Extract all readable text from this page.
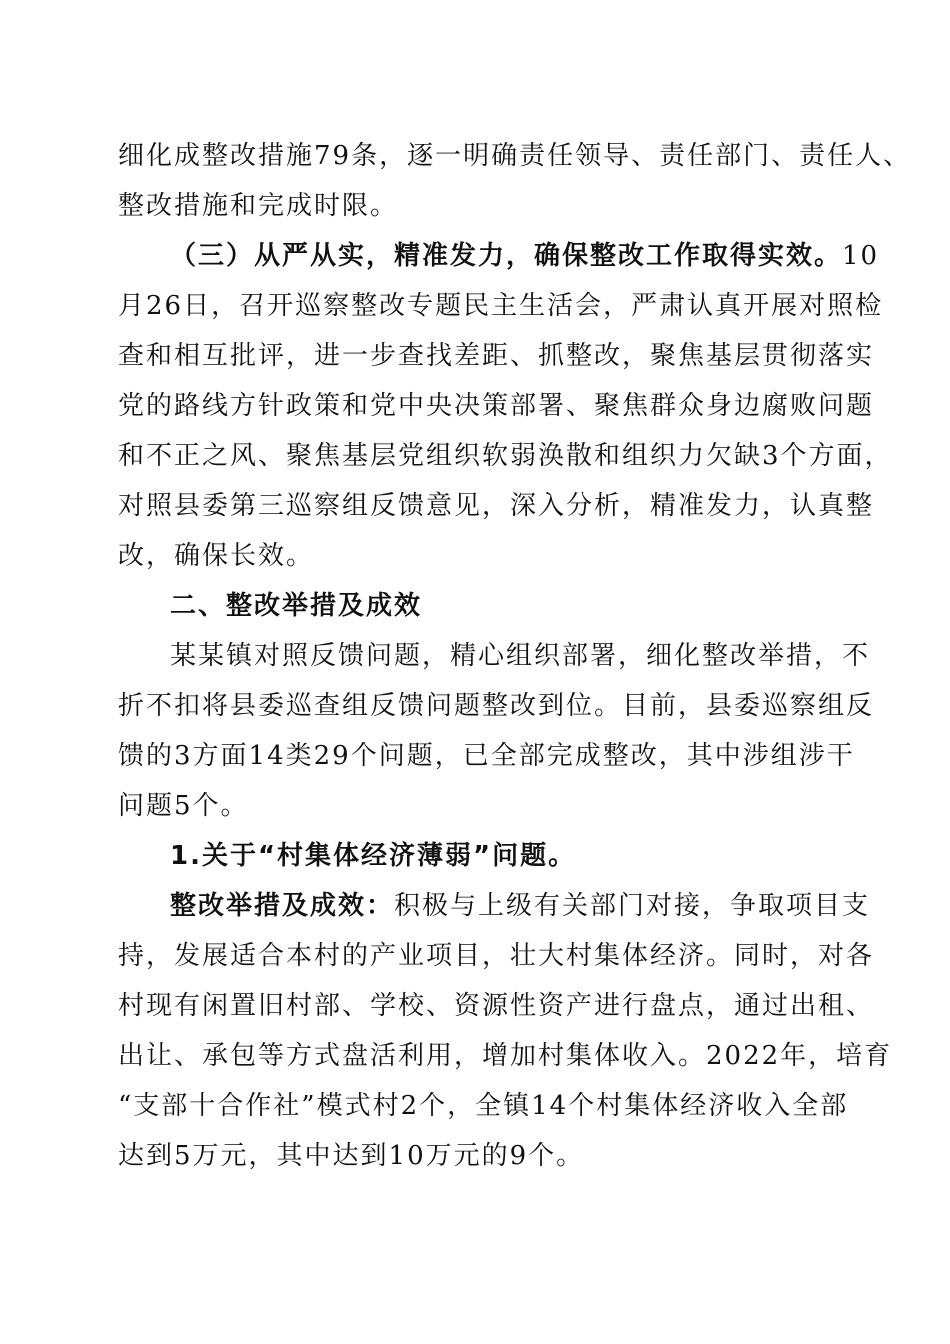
细化成整改措施79条，逐一明确责任领导、责任部门、责任人、
整改措施和完成时限。
（三）从严从实，精准发力，确保整改工作取得实效。10
月26日，召开巡察整改专题民主生活会，严肃认真开展对照检
查和相互批评，进一步查找差距、抓整改，聚焦基层贯彻落实
党的路线方针政策和党中央决策部署、聚焦群众身边腐败问题
和不正之风、聚焦基层党组织软弱涣散和组织力欠缺3个方面，
对照县委第三巡察组反馈意见，深入分析，精准发力，认真整
改，确保长效。
二、整改举措及成效
某某镇对照反馈问题，精心组织部署，细化整改举措，不
折不扣将县委巡查组反馈问题整改到位。目前，县委巡察组反
馈的3方面14类29个问题，已全部完成整改，其中涉组涉干
问题5个。
1.关于“村集体经济薄弱”问题。
整改举措及成效：积极与上级有关部门对接，争取项目支
持，发展适合本村的产业项目，壮大村集体经济。同时，对各
村现有闲置旧村部、学校、资源性资产进行盘点，通过出租、
出让、承包等方式盘活利用，增加村集体收入。2022年，培育
“支部十合作社”模式村2个，全镇14个村集体经济收入全部
达到5万元，其中达到10万元的9个。
